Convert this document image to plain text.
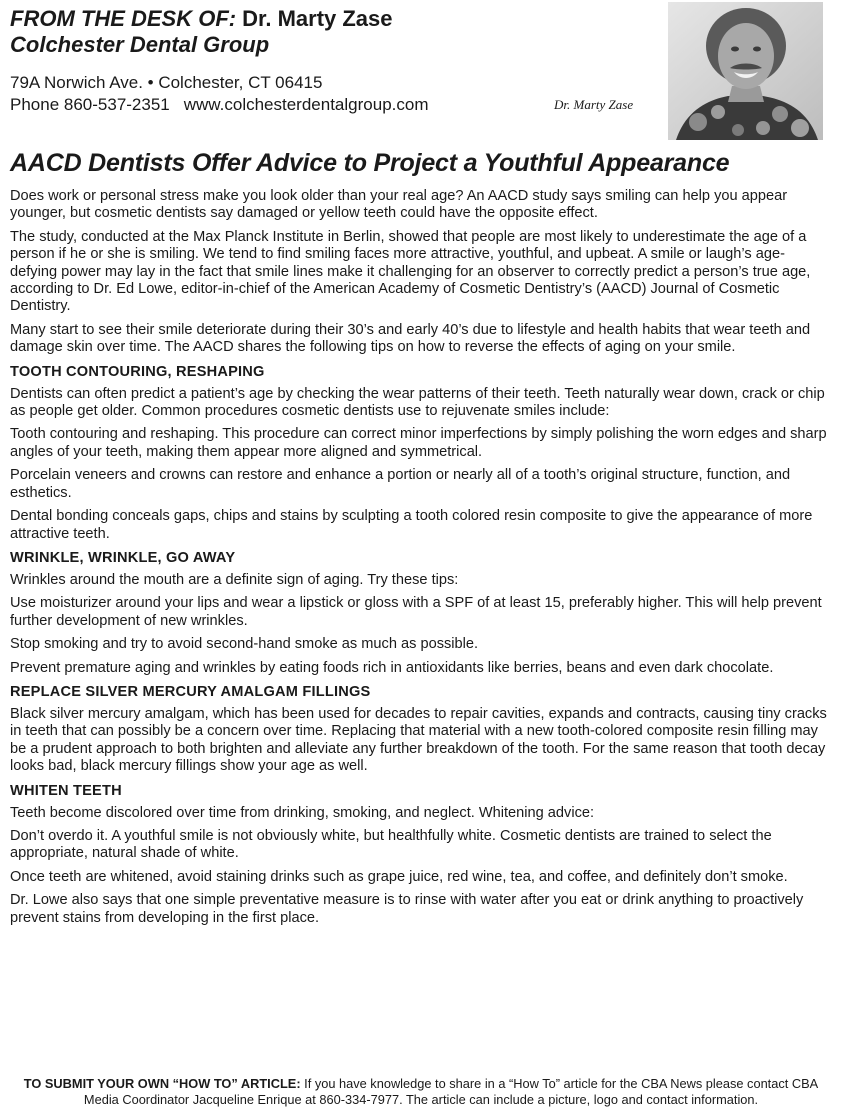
FROM THE DESK OF: Dr. Marty Zase
Colchester Dental Group
79A Norwich Ave. • Colchester, CT 06415
Phone 860-537-2351 www.colchesterdentalgroup.com	Dr. Marty Zase
AACD Dentists Offer Advice to Project a Youthful Appearance

Does work or personal stress make you look older than your real age? An AACD study says smiling can help you appear younger, but cosmetic dentists say damaged or yellow teeth could have the opposite effect.

The study, conducted at the Max Planck Institute in Berlin, showed that people are most likely to underestimate the age of a person if he or she is smiling. We tend to find smiling faces more attractive, youthful, and upbeat. A smile or laugh’s age-defying power may lay in the fact that smile lines make it challenging for an observer to correctly predict a person’s true age, according to Dr. Ed Lowe, editor-in-chief of the American Academy of Cosmetic Dentistry’s (AACD) Journal of Cosmetic Dentistry.

Many start to see their smile deteriorate during their 30’s and early 40’s due to lifestyle and health habits that wear teeth and damage skin over time. The AACD shares the following tips on how to reverse the effects of aging on your smile.

TOOTH CONTOURING, RESHAPING

Dentists can often predict a patient’s age by checking the wear patterns of their teeth. Teeth naturally wear down, crack or chip as people get older. Common procedures cosmetic dentists use to rejuvenate smiles include:

Tooth contouring and reshaping. This procedure can correct minor imperfections by simply polishing the worn edges and sharp angles of your teeth, making them appear more aligned and symmetrical.

Porcelain veneers and crowns can restore and enhance a portion or nearly all of a tooth’s original structure, function, and esthetics.

Dental bonding conceals gaps, chips and stains by sculpting a tooth colored resin composite to give the appearance of more attractive teeth.

WRINKLE, WRINKLE, GO AWAY

Wrinkles around the mouth are a definite sign of aging. Try these tips:

Use moisturizer around your lips and wear a lipstick or gloss with a SPF of at least 15, preferably higher. This will help prevent further development of new wrinkles.

Stop smoking and try to avoid second-hand smoke as much as possible.

Prevent premature aging and wrinkles by eating foods rich in antioxidants like berries, beans and even dark chocolate.

REPLACE SILVER MERCURY AMALGAM FILLINGS

Black silver mercury amalgam, which has been used for decades to repair cavities, expands and contracts, causing tiny cracks in teeth that can possibly be a concern over time. Replacing that material with a new tooth-colored composite resin filling may be a prudent approach to both brighten and alleviate any further breakdown of the tooth. For the same reason that tooth decay looks bad, black mercury fillings show your age as well.

WHITEN TEETH

Teeth become discolored over time from drinking, smoking, and neglect. Whitening advice:

Don’t overdo it. A youthful smile is not obviously white, but healthfully white. Cosmetic dentists are trained to select the appropriate, natural shade of white.

Once teeth are whitened, avoid staining drinks such as grape juice, red wine, tea, and coffee, and definitely don’t smoke.

Dr. Lowe also says that one simple preventative measure is to rinse with water after you eat or drink anything to proactively prevent stains from developing in the first place.

TO SUBMIT YOUR OWN “HOW TO” ARTICLE: If you have knowledge to share in a “How To” article for the CBA News please contact CBA Media Coordinator Jacqueline Enrique at 860-334-7977. The article can include a picture, logo and contact information.
